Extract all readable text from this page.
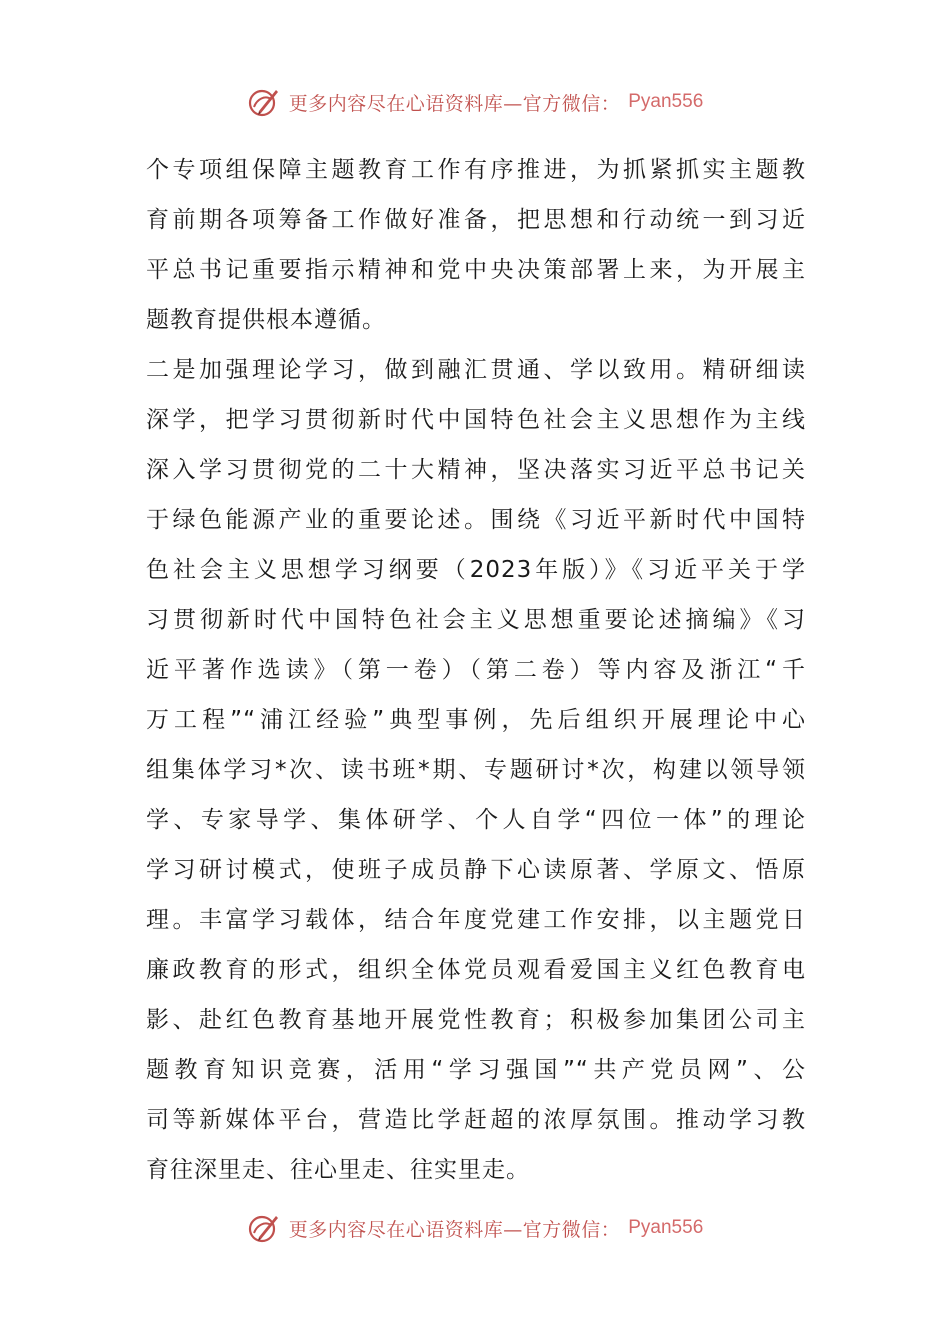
更多内容尽在心语资料库—官方微信： Pyan556
个专项组保障主题教育工作有序推进，为抓紧抓实主题教
育前期各项筹备工作做好准备，把思想和行动统一到习近
平总书记重要指示精神和党中央决策部署上来，为开展主
题教育提供根本遵循。
二是加强理论学习，做到融汇贯通、学以致用。精研细读
深学，把学习贯彻新时代中国特色社会主义思想作为主线
深入学习贯彻党的二十大精神，坚决落实习近平总书记关
于绿色能源产业的重要论述。围绕《习近平新时代中国特
色社会主义思想学习纲要（2023年版）》《习近平关于学
习贯彻新时代中国特色社会主义思想重要论述摘编》《习
近平著作选读》（第一卷）（第二卷）等内容及浙江“千
万工程”“浦江经验”典型事例，先后组织开展理论中心
组集体学习*次、读书班*期、专题研讨*次，构建以领导领
学、专家导学、集体研学、个人自学“四位一体”的理论
学习研讨模式，使班子成员静下心读原著、学原文、悟原
理。丰富学习载体，结合年度党建工作安排，以主题党日
廉政教育的形式，组织全体党员观看爱国主义红色教育电
影、赴红色教育基地开展党性教育；积极参加集团公司主
题教育知识竞赛，活用“学习强国”“共产党员网”、公
司等新媒体平台，营造比学赶超的浓厚氛围。推动学习教
育往深里走、往心里走、往实里走。
更多内容尽在心语资料库—官方微信： Pyan556
